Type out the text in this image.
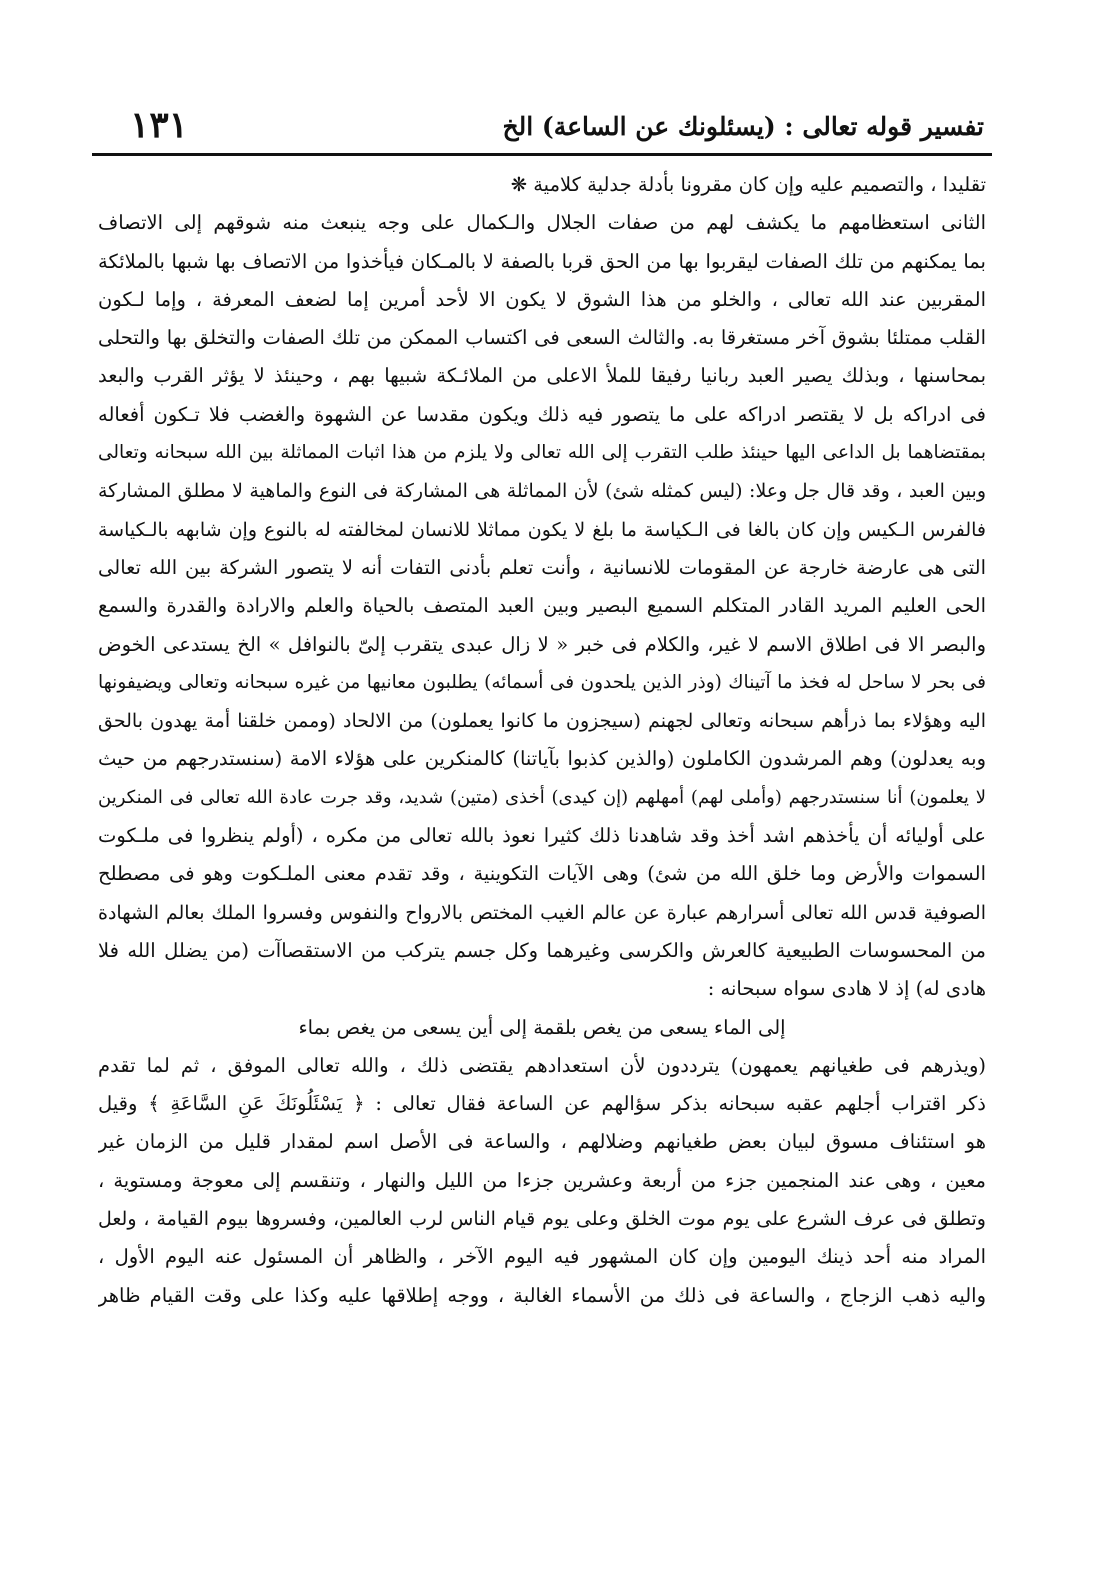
تفسير قوله تعالى : (يسئلونك عن الساعة) الخ
١٣١
تقليدا ، والتصميم عليه وإن كان مقرونا بأدلة جدلية كلامية ❋
الثانى استعظامهم ما يكشف لهم من صفات الجلال والـكمال على وجه ينبعث منه شوقهم إلى الاتصاف
بما يمكنهم من تلك الصفات ليقربوا بها من الحق قربا بالصفة لا بالمـكان فيأخذوا من الاتصاف بها شبها بالملائكة
المقربين عند الله تعالى ، والخلو من هذا الشوق لا يكون الا لأحد أمرين إما لضعف المعرفة ، وإما لـكون
القلب ممتلئا بشوق آخر مستغرقا به. والثالث السعى فى اكتساب الممكن من تلك الصفات والتخلق بها والتحلى
بمحاسنها ، وبذلك يصير العبد ربانيا رفيقا للملأ الاعلى من الملائـكة شبيها بهم ، وحينئذ لا يؤثر القرب والبعد
فى ادراكه بل لا يقتصر ادراكه على ما يتصور فيه ذلك ويكون مقدسا عن الشهوة والغضب فلا تـكون أفعاله
بمقتضاهما بل الداعى اليها حينئذ طلب التقرب إلى الله تعالى ولا يلزم من هذا اثبات المماثلة بين الله سبحانه وتعالى
وبين العبد ، وقد قال جل وعلا: (ليس كمثله شئ) لأن المماثلة هى المشاركة فى النوع والماهية لا مطلق المشاركة
فالفرس الـكيس وإن كان بالغا فى الـكياسة ما بلغ لا يكون مماثلا للانسان لمخالفته له بالنوع وإن شابهه بالـكياسة
التى هى عارضة خارجة عن المقومات للانسانية ، وأنت تعلم بأدنى التفات أنه لا يتصور الشركة بين الله تعالى
الحى العليم المريد القادر المتكلم السميع البصير وبين العبد المتصف بالحياة والعلم والارادة والقدرة والسمع
والبصر الا فى اطلاق الاسم لا غير، والكلام فى خبر « لا زال عبدى يتقرب إلىّ بالنوافل » الخ يستدعى الخوض
فى بحر لا ساحل له فخذ ما آتيناك (وذر الذين يلحدون فى أسمائه) يطلبون معانيها من غيره سبحانه وتعالى ويضيفونها
اليه وهؤلاء بما ذرأهم سبحانه وتعالى لجهنم (سيجزون ما كانوا يعملون) من الالحاد (وممن خلقنا أمة يهدون بالحق
وبه يعدلون) وهم المرشدون الكاملون (والذين كذبوا بآياتنا) كالمنكرين على هؤلاء الامة (سنستدرجهم من حيث
لا يعلمون) أنا سنستدرجهم (وأملى لهم) أمهلهم (إن كيدى) أخذى (متين) شديد، وقد جرت عادة الله تعالى فى المنكرين
على أوليائه أن يأخذهم اشد أخذ وقد شاهدنا ذلك كثيرا نعوذ بالله تعالى من مكره ، (أولم ينظروا فى ملـكوت
السموات والأرض وما خلق الله من شئ) وهى الآيات التكوينية ، وقد تقدم معنى الملـكوت وهو فى مصطلح
الصوفية قدس الله تعالى أسرارهم عبارة عن عالم الغيب المختص بالارواح والنفوس وفسروا الملك بعالم الشهادة
من المحسوسات الطبيعية كالعرش والكرسى وغيرهما وكل جسم يتركب من الاستقصاآت (من يضلل الله فلا
هادى له) إذ لا هادى سواه سبحانه :
إلى الماء يسعى من يغص بلقمة إلى أين يسعى من يغص بماء
(ويذرهم فى طغيانهم يعمهون) يترددون لأن استعدادهم يقتضى ذلك ، والله تعالى الموفق ، ثم لما تقدم
ذكر اقتراب أجلهم عقبه سبحانه بذكر سؤالهم عن الساعة فقال تعالى : ﴿ يَسْئَلُونَكَ عَنِ السَّاعَةِ ﴾ وقيل
هو استئناف مسوق لبيان بعض طغيانهم وضلالهم ، والساعة فى الأصل اسم لمقدار قليل من الزمان غير
معين ، وهى عند المنجمين جزء من أربعة وعشرين جزءا من الليل والنهار ، وتنقسم إلى معوجة ومستوية ،
وتطلق فى عرف الشرع على يوم موت الخلق وعلى يوم قيام الناس لرب العالمين، وفسروها بيوم القيامة ، ولعل
المراد منه أحد ذينك اليومين وإن كان المشهور فيه اليوم الآخر ، والظاهر أن المسئول عنه اليوم الأول ،
واليه ذهب الزجاج ، والساعة فى ذلك من الأسماء الغالبة ، ووجه إطلاقها عليه وكذا على وقت القيام ظاهر
